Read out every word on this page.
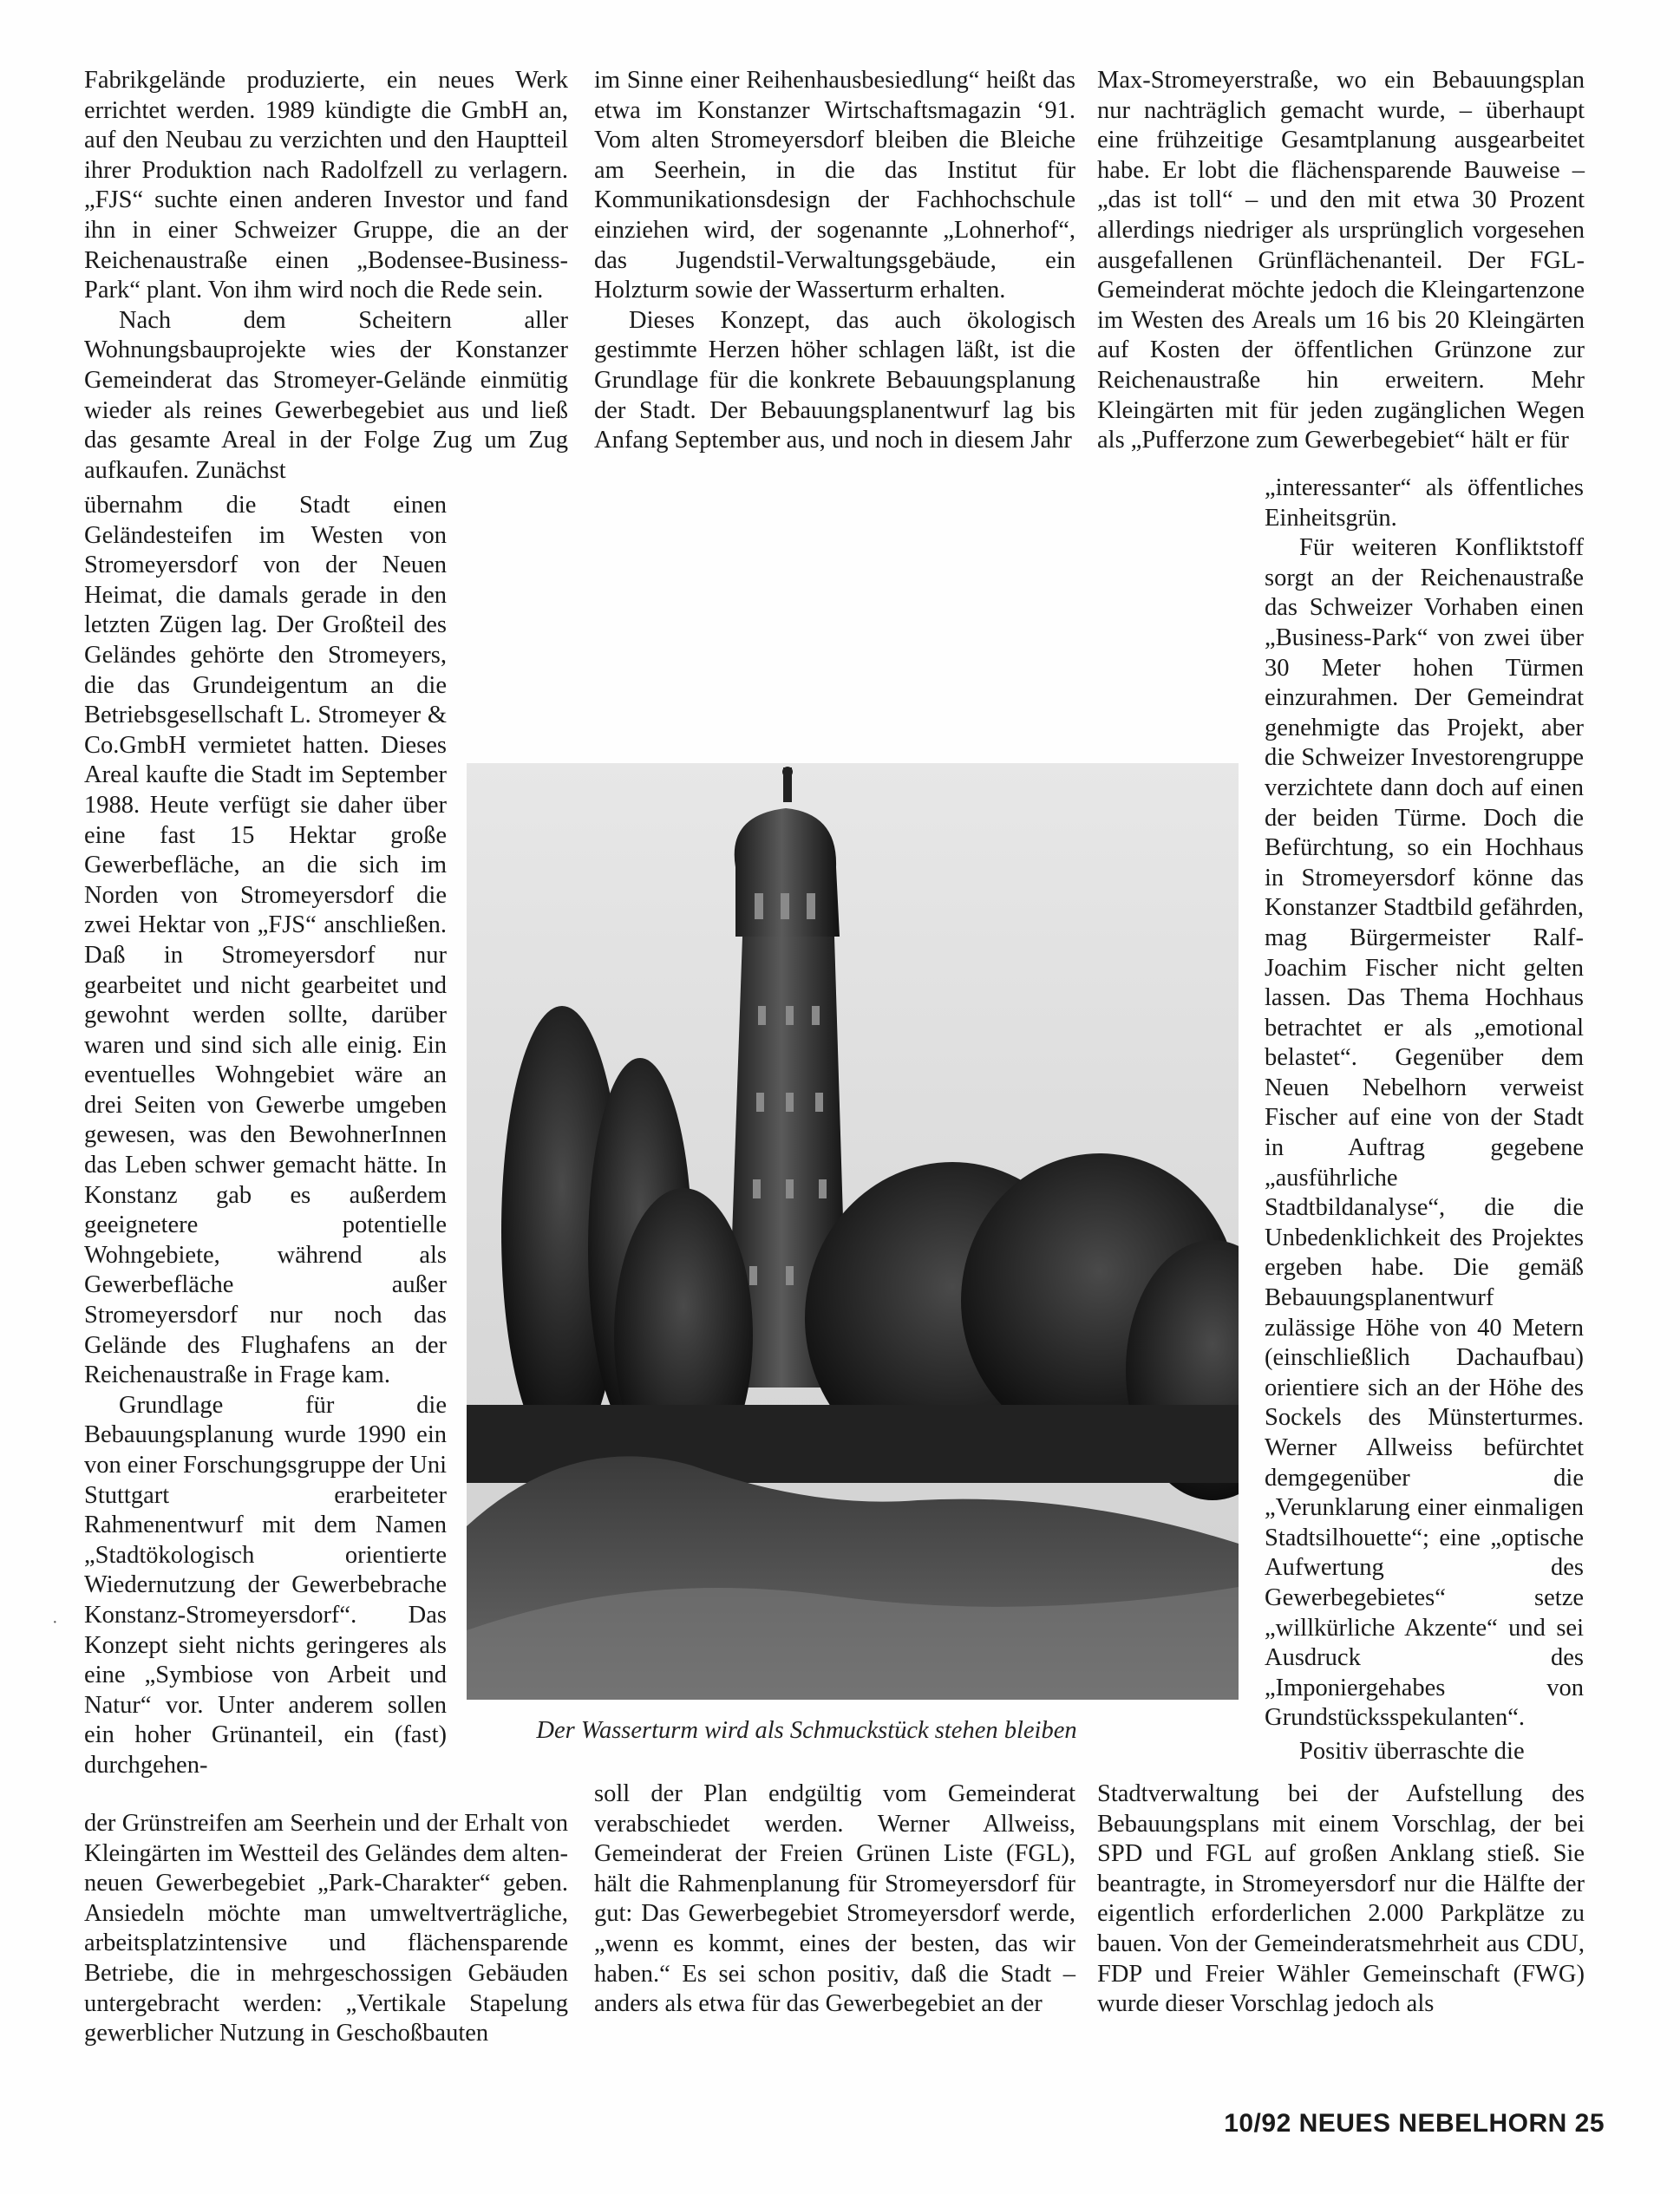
Fabrikgelände produzierte, ein neues Werk errichtet werden. 1989 kündigte die GmbH an, auf den Neubau zu verzichten und den Hauptteil ihrer Produktion nach Radolfzell zu verlagern. „FJS“ suchte einen anderen Investor und fand ihn in einer Schweizer Gruppe, die an der Reichenaustraße einen „Bodensee-Business-Park“ plant. Von ihm wird noch die Rede sein.

Nach dem Scheitern aller Wohnungsbauprojekte wies der Konstanzer Gemeinderat das Stromeyer-Gelände einmütig wieder als reines Gewerbegebiet aus und ließ das gesamte Areal in der Folge Zug um Zug aufkaufen. Zunächst

übernahm die Stadt einen Geländesteifen im Westen von Stromeyersdorf von der Neuen Heimat, die damals gerade in den letzten Zügen lag. Der Großteil des Geländes gehörte den Stromeyers, die das Grundeigentum an die Betriebsgesellschaft L. Stromeyer & Co.GmbH vermietet hatten. Dieses Areal kaufte die Stadt im September 1988. Heute verfügt sie daher über eine fast 15 Hektar große Gewerbefläche, an die sich im Norden von Stromeyersdorf die zwei Hektar von „FJS“ anschließen. Daß in Stromeyersdorf nur gearbeitet und nicht gearbeitet und gewohnt werden sollte, darüber waren und sind sich alle einig. Ein eventuelles Wohngebiet wäre an drei Seiten von Gewerbe umgeben gewesen, was den BewohnerInnen das Leben schwer gemacht hätte. In Konstanz gab es außerdem geeignetere potentielle Wohngebiete, während als Gewerbefläche außer Stromeyersdorf nur noch das Gelände des Flughafens an der Reichenaustraße in Frage kam.

Grundlage für die Bebauungsplanung wurde 1990 ein von einer Forschungsgruppe der Uni Stuttgart erarbeiteter Rahmenentwurf mit dem Namen „Stadtökologisch orientierte Wiedernutzung der Gewerbebrache Konstanz-Stromeyersdorf“. Das Konzept sieht nichts geringeres als eine „Symbiose von Arbeit und Natur“ vor. Unter anderem sollen ein hoher Grünanteil, ein (fast) durchgehen-

der Grünstreifen am Seerhein und der Erhalt von Kleingärten im Westteil des Geländes dem alten-neuen Gewerbegebiet „Park-Charakter“ geben. Ansiedeln möchte man umweltverträgliche, arbeitsplatzintensive und flächensparende Betriebe, die in mehrgeschossigen Gebäuden untergebracht werden: „Vertikale Stapelung gewerblicher Nutzung in Geschoßbauten

im Sinne einer Reihenhausbesiedlung“ heißt das etwa im Konstanzer Wirtschaftsmagazin ‘91. Vom alten Stromeyersdorf bleiben die Bleiche am Seerhein, in die das Institut für Kommunikationsdesign der Fachhochschule einziehen wird, der sogenannte „Lohnerhof“, das Jugendstil-Verwaltungsgebäude, ein Holzturm sowie der Wasserturm erhalten.

Dieses Konzept, das auch ökologisch gestimmte Herzen höher schlagen läßt, ist die Grundlage für die konkrete Bebauungsplanung der Stadt. Der Bebauungsplanentwurf lag bis Anfang September aus, und noch in diesem Jahr

soll der Plan endgültig vom Gemeinderat verabschiedet werden. Werner Allweiss, Gemeinderat der Freien Grünen Liste (FGL), hält die Rahmenplanung für Stromeyersdorf für gut: Das Gewerbegebiet Stromeyersdorf werde, „wenn es kommt, eines der besten, das wir haben.“ Es sei schon positiv, daß die Stadt – anders als etwa für das Gewerbegebiet an der

Max-Stromeyerstraße, wo ein Bebauungsplan nur nachträglich gemacht wurde, – überhaupt eine frühzeitige Gesamtplanung ausgearbeitet habe. Er lobt die flächensparende Bauweise – „das ist toll“ – und den mit etwa 30 Prozent allerdings niedriger als ursprünglich vorgesehen ausgefallenen Grünflächenanteil. Der FGL-Gemeinderat möchte jedoch die Kleingartenzone im Westen des Areals um 16 bis 20 Kleingärten auf Kosten der öffentlichen Grünzone zur Reichenaustraße hin erweitern. Mehr Kleingärten mit für jeden zugänglichen Wegen als „Pufferzone zum Gewerbegebiet“ hält er für

„interessanter“ als öffentliches Einheitsgrün.

Für weiteren Konfliktstoff sorgt an der Reichenaustraße das Schweizer Vorhaben einen „Business-Park“ von zwei über 30 Meter hohen Türmen einzurahmen. Der Gemeindrat genehmigte das Projekt, aber die Schweizer Investorengruppe verzichtete dann doch auf einen der beiden Türme. Doch die Befürchtung, so ein Hochhaus in Stromeyersdorf könne das Konstanzer Stadtbild gefährden, mag Bürgermeister Ralf-Joachim Fischer nicht gelten lassen. Das Thema Hochhaus betrachtet er als „emotional belastet“. Gegenüber dem Neuen Nebelhorn verweist Fischer auf eine von der Stadt in Auftrag gegebene „ausführliche Stadtbildanalyse“, die die Unbedenklichkeit des Projektes ergeben habe. Die gemäß Bebauungsplanentwurf zulässige Höhe von 40 Metern (einschließlich Dachaufbau) orientiere sich an der Höhe des Sockels des Münsterturmes. Werner Allweiss befürchtet demgegenüber die „Verunklarung einer einmaligen Stadtsilhouette“; eine „optische Aufwertung des Gewerbegebietes“ setze „willkürliche Akzente“ und sei Ausdruck des „Imponiergehabes von Grundstücksspekulanten“.

Positiv überraschte die

Stadtverwaltung bei der Aufstellung des Bebauungsplans mit einem Vorschlag, der bei SPD und FGL auf großen Anklang stieß. Sie beantragte, in Stromeyersdorf nur die Hälfte der eigentlich erforderlichen 2.000 Parkplätze zu bauen. Von der Gemeinderatsmehrheit aus CDU, FDP und Freier Wähler Gemeinschaft (FWG) wurde dieser Vorschlag jedoch als

Der Wasserturm wird als Schmuckstück stehen bleiben

10/92 NEUES NEBELHORN 25

·
